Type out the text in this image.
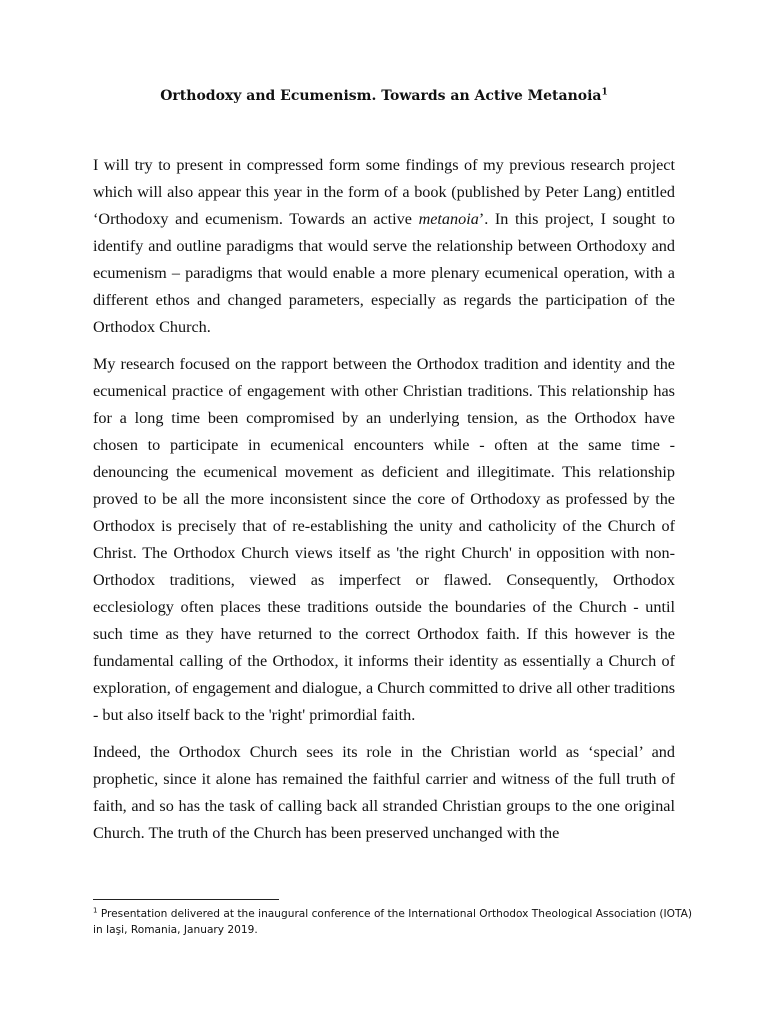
Orthodoxy and Ecumenism. Towards an Active Metanoia$^1$

I will try to present in compressed form some findings of my previous research project which will also appear this year in the form of a book (published by Peter Lang) entitled ‘Orthodoxy and ecumenism. Towards an active metanoia’. In this project, I sought to identify and outline paradigms that would serve the relationship between Orthodoxy and ecumenism – paradigms that would enable a more plenary ecumenical operation, with a different ethos and changed parameters, especially as regards the participation of the Orthodox Church.

My research focused on the rapport between the Orthodox tradition and identity and the ecumenical practice of engagement with other Christian traditions. This relationship has for a long time been compromised by an underlying tension, as the Orthodox have chosen to participate in ecumenical encounters while - often at the same time - denouncing the ecumenical movement as deficient and illegitimate. This relationship proved to be all the more inconsistent since the core of Orthodoxy as professed by the Orthodox is precisely that of re-establishing the unity and catholicity of the Church of Christ. The Orthodox Church views itself as 'the right Church' in opposition with non-Orthodox traditions, viewed as imperfect or flawed. Consequently, Orthodox ecclesiology often places these traditions outside the boundaries of the Church - until such time as they have returned to the correct Orthodox faith. If this however is the fundamental calling of the Orthodox, it informs their identity as essentially a Church of exploration, of engagement and dialogue, a Church committed to drive all other traditions - but also itself back to the 'right' primordial faith.

Indeed, the Orthodox Church sees its role in the Christian world as ‘special’ and prophetic, since it alone has remained the faithful carrier and witness of the full truth of faith, and so has the task of calling back all stranded Christian groups to the one original Church. The truth of the Church has been preserved unchanged with the

$^1$ Presentation delivered at the inaugural conference of the International Orthodox Theological Association (IOTA) in Iaşi, Romania, January 2019.
